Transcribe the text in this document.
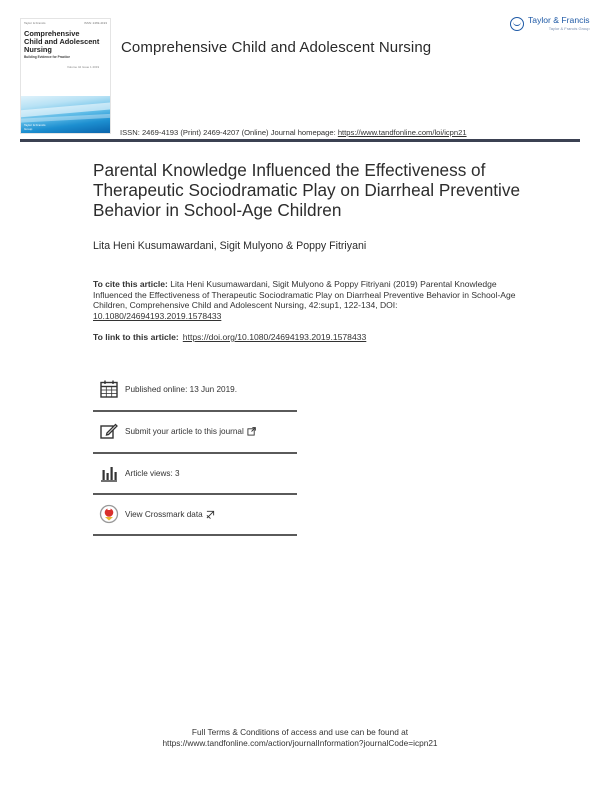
Taylor & Francis	ISSN: 2469-4193
Comprehensive
Child and Adolescent
Nursing
Building Evidence for Practice
Volume 42 Issue 1 2019
Taylor & Francis
Group
Comprehensive Child and Adolescent Nursing
Taylor & Francis
Taylor & Francis Group
ISSN: 2469-4193 (Print) 2469-4207 (Online) Journal homepage: https://www.tandfonline.com/loi/icpn21
Parental Knowledge Influenced the Effectiveness of Therapeutic Sociodramatic Play on Diarrheal Preventive Behavior in School-Age Children
Lita Heni Kusumawardani, Sigit Mulyono & Poppy Fitriyani
To cite this article: Lita Heni Kusumawardani, Sigit Mulyono & Poppy Fitriyani (2019) Parental Knowledge Influenced the Effectiveness of Therapeutic Sociodramatic Play on Diarrheal Preventive Behavior in School-Age Children, Comprehensive Child and Adolescent Nursing, 42:sup1, 122-134, DOI: 10.1080/24694193.2019.1578433
To link to this article: https://doi.org/10.1080/24694193.2019.1578433
Published online: 13 Jun 2019.
Submit your article to this journal
Article views: 3
View Crossmark data
Full Terms & Conditions of access and use can be found at
https://www.tandfonline.com/action/journalInformation?journalCode=icpn21
